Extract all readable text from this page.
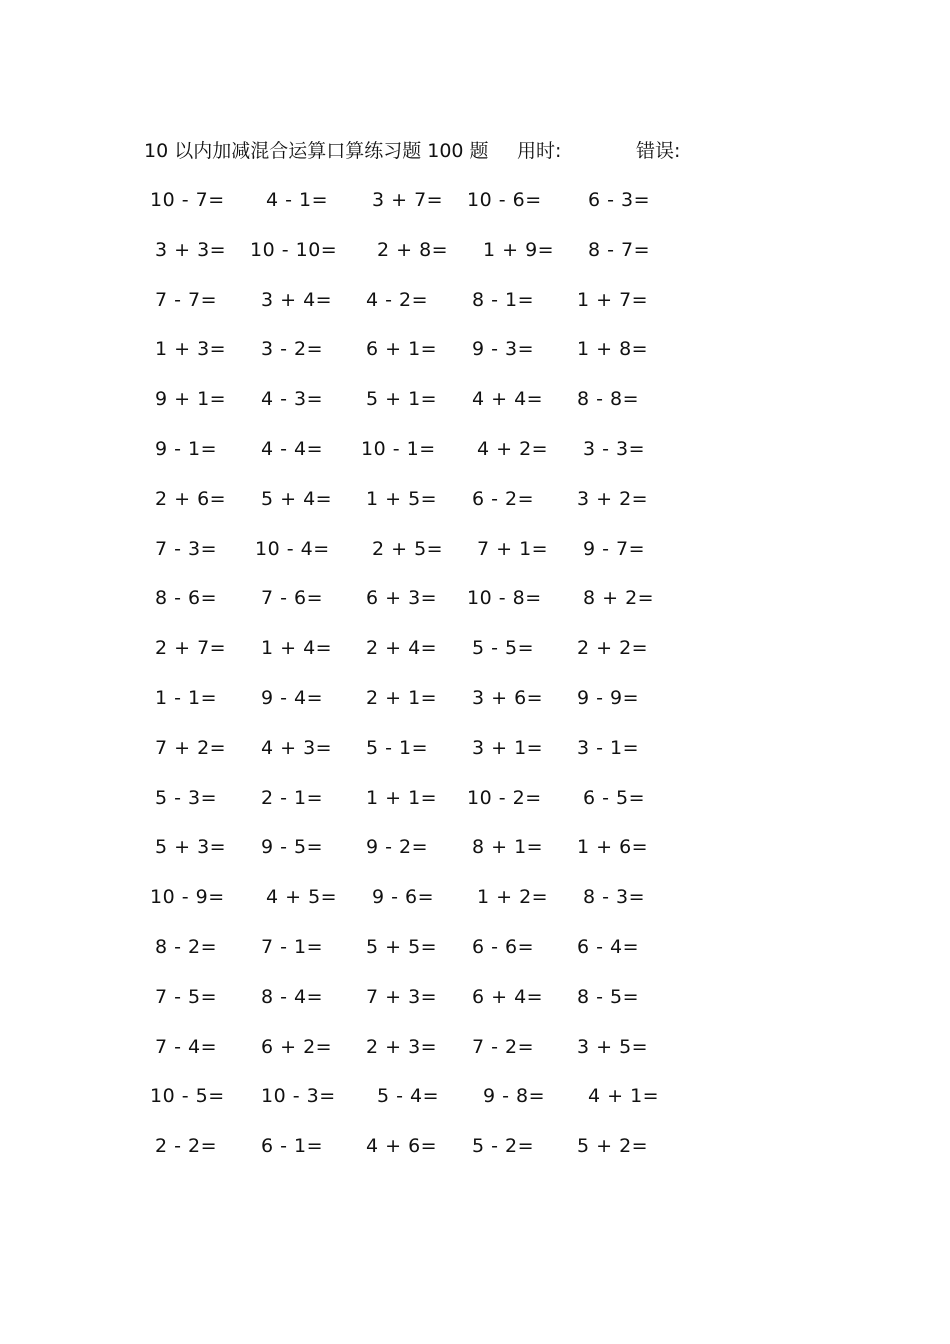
10 以内加减混合运算口算练习题 100 题 用时:	错误:
10 - 7= 4 - 1= 3 + 7= 10 - 6= 6 - 3=
3 + 3= 10 - 10= 2 + 8= 1 + 9= 8 - 7=
7 - 7= 3 + 4= 4 - 2= 8 - 1= 1 + 7=
1 + 3= 3 - 2= 6 + 1= 9 - 3= 1 + 8=
9 + 1= 4 - 3= 5 + 1= 4 + 4= 8 - 8=
9 - 1= 4 - 4= 10 - 1= 4 + 2= 3 - 3=
2 + 6= 5 + 4= 1 + 5= 6 - 2= 3 + 2=
7 - 3= 10 - 4= 2 + 5= 7 + 1= 9 - 7=
8 - 6= 7 - 6= 6 + 3= 10 - 8= 8 + 2=
2 + 7= 1 + 4= 2 + 4= 5 - 5= 2 + 2=
1 - 1= 9 - 4= 2 + 1= 3 + 6= 9 - 9=
7 + 2= 4 + 3= 5 - 1= 3 + 1= 3 - 1=
5 - 3= 2 - 1= 1 + 1= 10 - 2= 6 - 5=
5 + 3= 9 - 5= 9 - 2= 8 + 1= 1 + 6=
10 - 9= 4 + 5= 9 - 6= 1 + 2= 8 - 3=
8 - 2= 7 - 1= 5 + 5= 6 - 6= 6 - 4=
7 - 5= 8 - 4= 7 + 3= 6 + 4= 8 - 5=
7 - 4= 6 + 2= 2 + 3= 7 - 2= 3 + 5=
10 - 5= 10 - 3= 5 - 4= 9 - 8= 4 + 1=
2 - 2= 6 - 1= 4 + 6= 5 - 2= 5 + 2=
